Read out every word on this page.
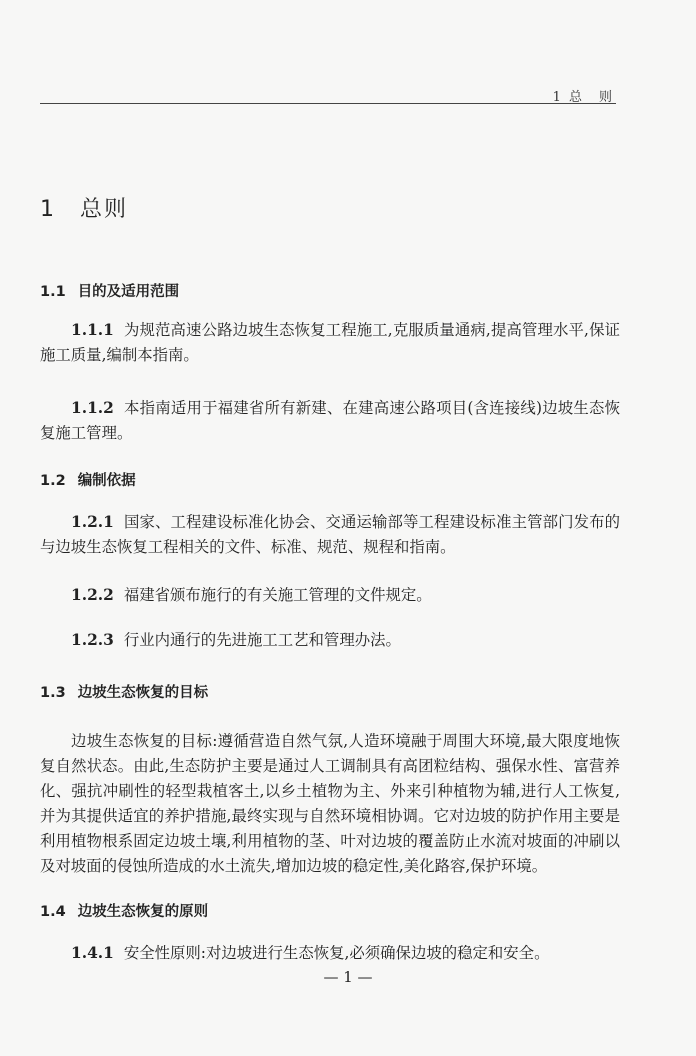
1 总　则
1　总则
1.1 目的及适用范围
1.1.1 为规范高速公路边坡生态恢复工程施工,克服质量通病,提高管理水平,保证施工质量,编制本指南。
1.1.2 本指南适用于福建省所有新建、在建高速公路项目(含连接线)边坡生态恢复施工管理。
1.2 编制依据
1.2.1 国家、工程建设标准化协会、交通运输部等工程建设标准主管部门发布的与边坡生态恢复工程相关的文件、标准、规范、规程和指南。
1.2.2 福建省颁布施行的有关施工管理的文件规定。
1.2.3 行业内通行的先进施工工艺和管理办法。
1.3 边坡生态恢复的目标
边坡生态恢复的目标:遵循营造自然气氛,人造环境融于周围大环境,最大限度地恢复自然状态。由此,生态防护主要是通过人工调制具有高团粒结构、强保水性、富营养化、强抗冲刷性的轻型栽植客土,以乡土植物为主、外来引种植物为辅,进行人工恢复,并为其提供适宜的养护措施,最终实现与自然环境相协调。它对边坡的防护作用主要是利用植物根系固定边坡土壤,利用植物的茎、叶对边坡的覆盖防止水流对坡面的冲刷以及对坡面的侵蚀所造成的水土流失,增加边坡的稳定性,美化路容,保护环境。
1.4 边坡生态恢复的原则
1.4.1 安全性原则:对边坡进行生态恢复,必须确保边坡的稳定和安全。
— 1 —
